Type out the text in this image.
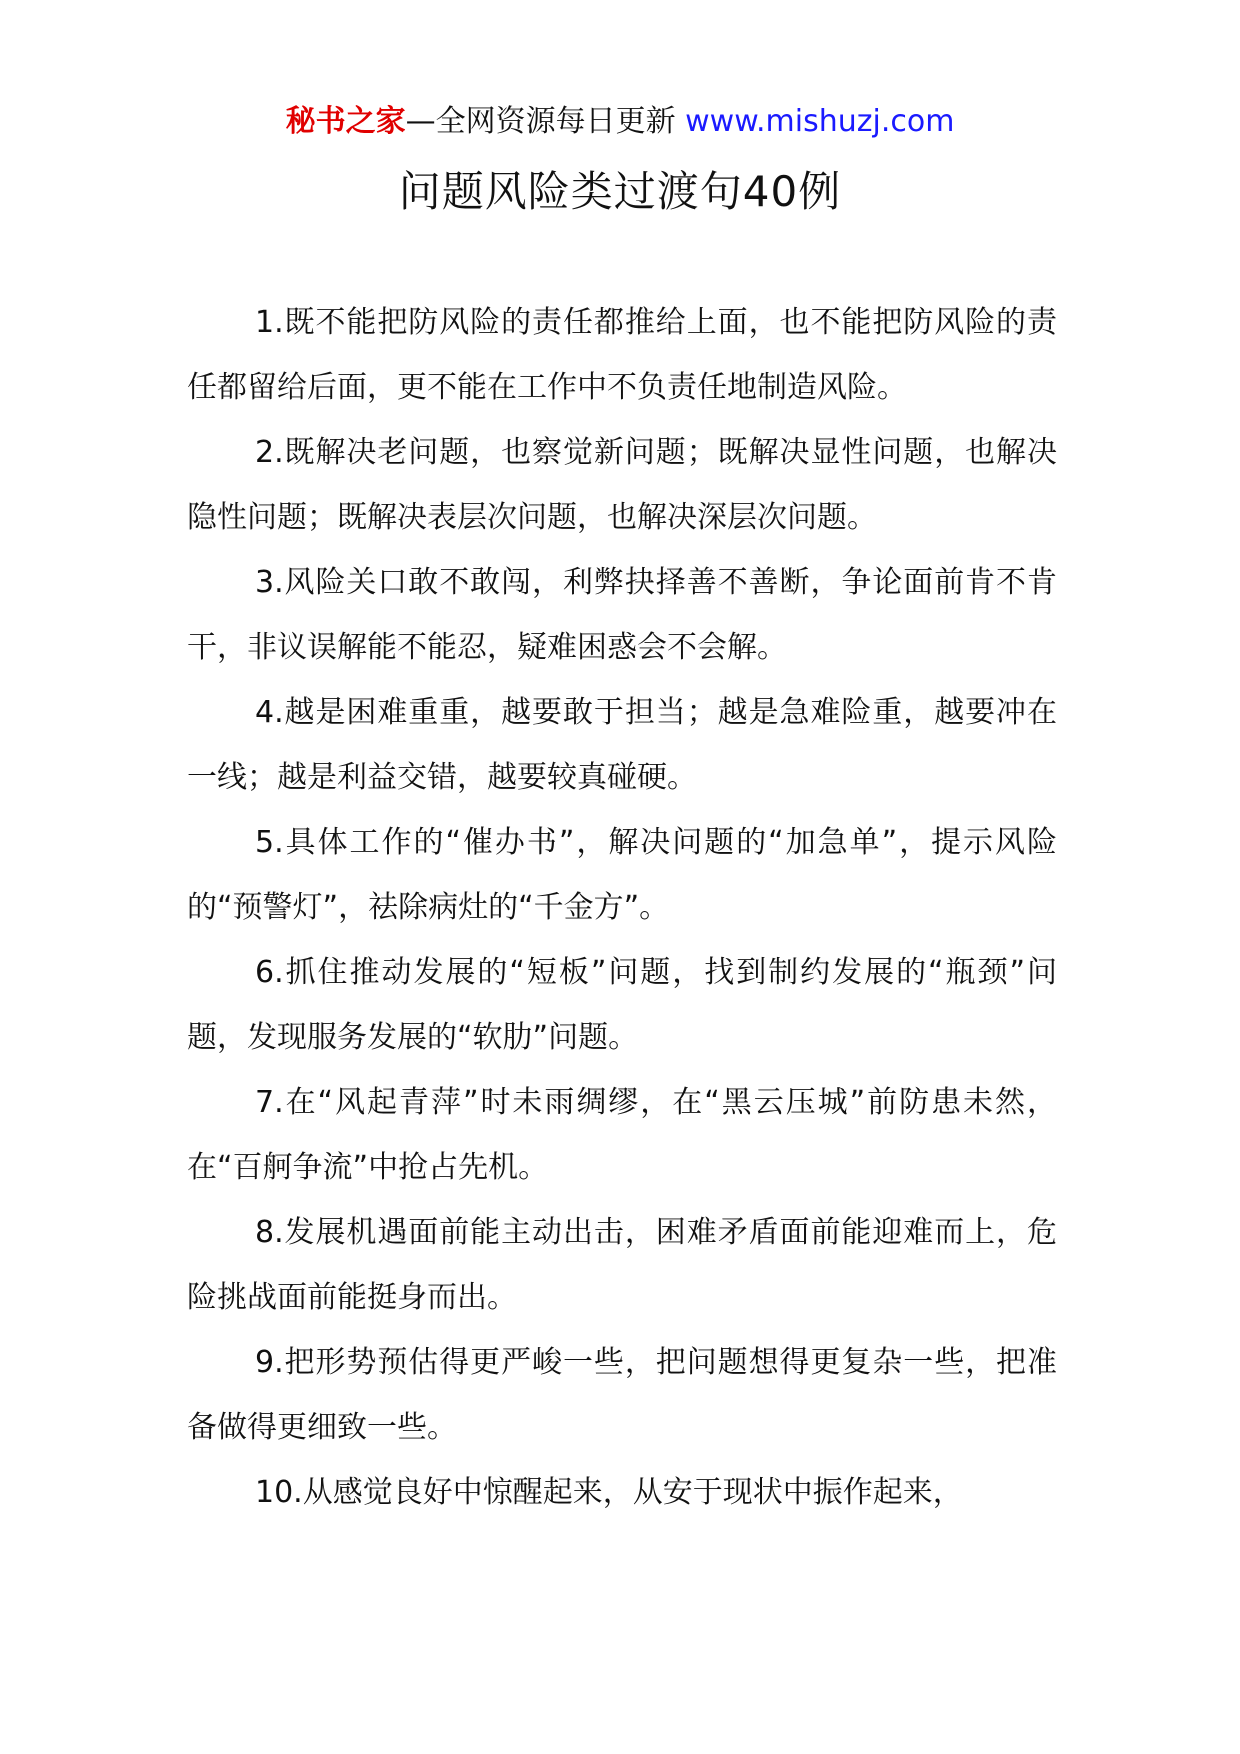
秘书之家—全网资源每日更新 www.mishuzj.com
问题风险类过渡句40例

1.既不能把防风险的责任都推给上面，也不能把防风险的责任都留给后面，更不能在工作中不负责任地制造风险。

2.既解决老问题，也察觉新问题；既解决显性问题，也解决隐性问题；既解决表层次问题，也解决深层次问题。

3.风险关口敢不敢闯，利弊抉择善不善断，争论面前肯不肯干，非议误解能不能忍，疑难困惑会不会解。

4.越是困难重重，越要敢于担当；越是急难险重，越要冲在一线；越是利益交错，越要较真碰硬。

5.具体工作的“催办书”，解决问题的“加急单”，提示风险的“预警灯”，祛除病灶的“千金方”。

6.抓住推动发展的“短板”问题，找到制约发展的“瓶颈”问题，发现服务发展的“软肋”问题。

7.在“风起青萍”时未雨绸缪，在“黑云压城”前防患未然，在“百舸争流”中抢占先机。

8.发展机遇面前能主动出击，困难矛盾面前能迎难而上，危险挑战面前能挺身而出。

9.把形势预估得更严峻一些，把问题想得更复杂一些，把准备做得更细致一些。

10.从感觉良好中惊醒起来，从安于现状中振作起来，
